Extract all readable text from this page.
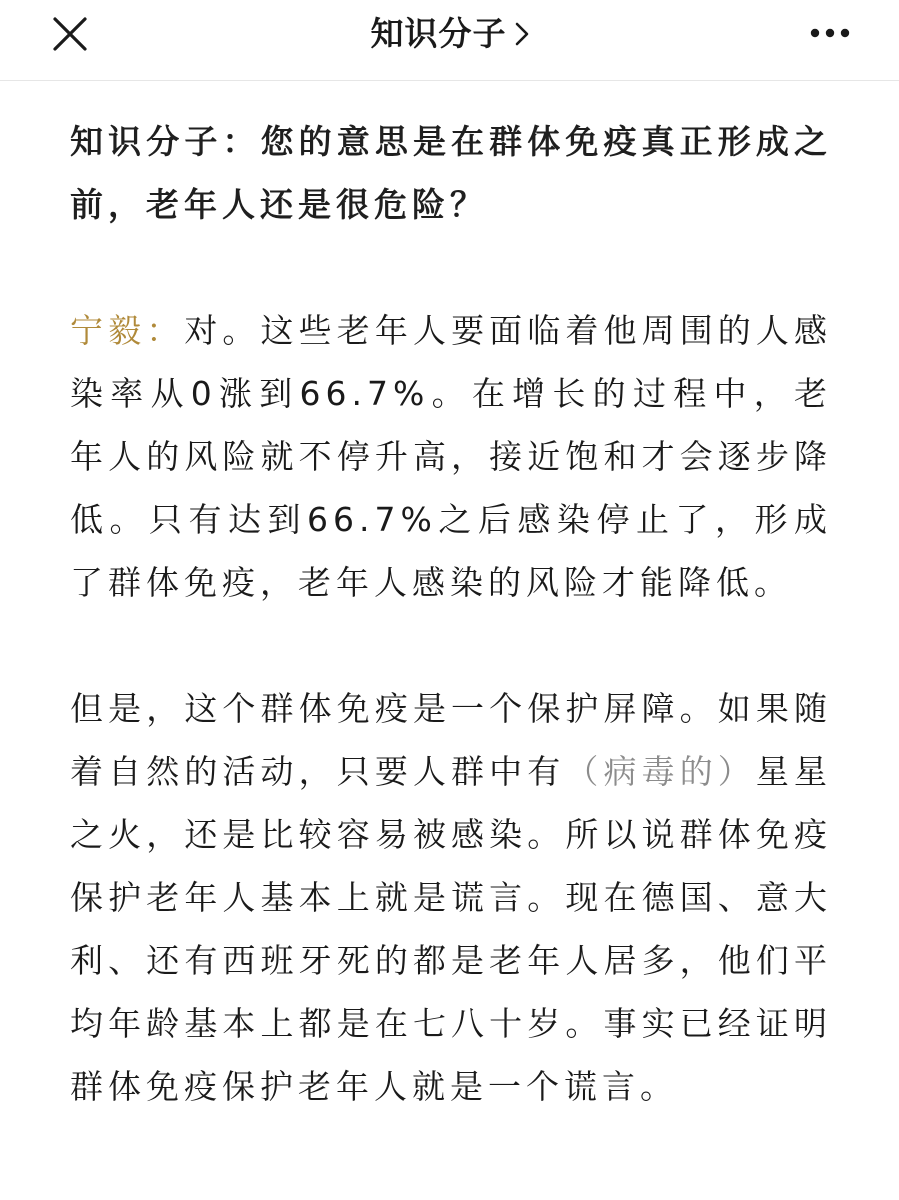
知识分子

知识分子：您的意思是在群体免疫真正形成之前，老年人还是很危险？

宁毅：对。这些老年人要面临着他周围的人感染率从0涨到66.7%。在增长的过程中，老年人的风险就不停升高，接近饱和才会逐步降低。只有达到66.7%之后感染停止了，形成了群体免疫，老年人感染的风险才能降低。

但是，这个群体免疫是一个保护屏障。如果随着自然的活动，只要人群中有（病毒的）星星之火，还是比较容易被感染。所以说群体免疫保护老年人基本上就是谎言。现在德国、意大利、还有西班牙死的都是老年人居多，他们平均年龄基本上都是在七八十岁。事实已经证明群体免疫保护老年人就是一个谎言。
